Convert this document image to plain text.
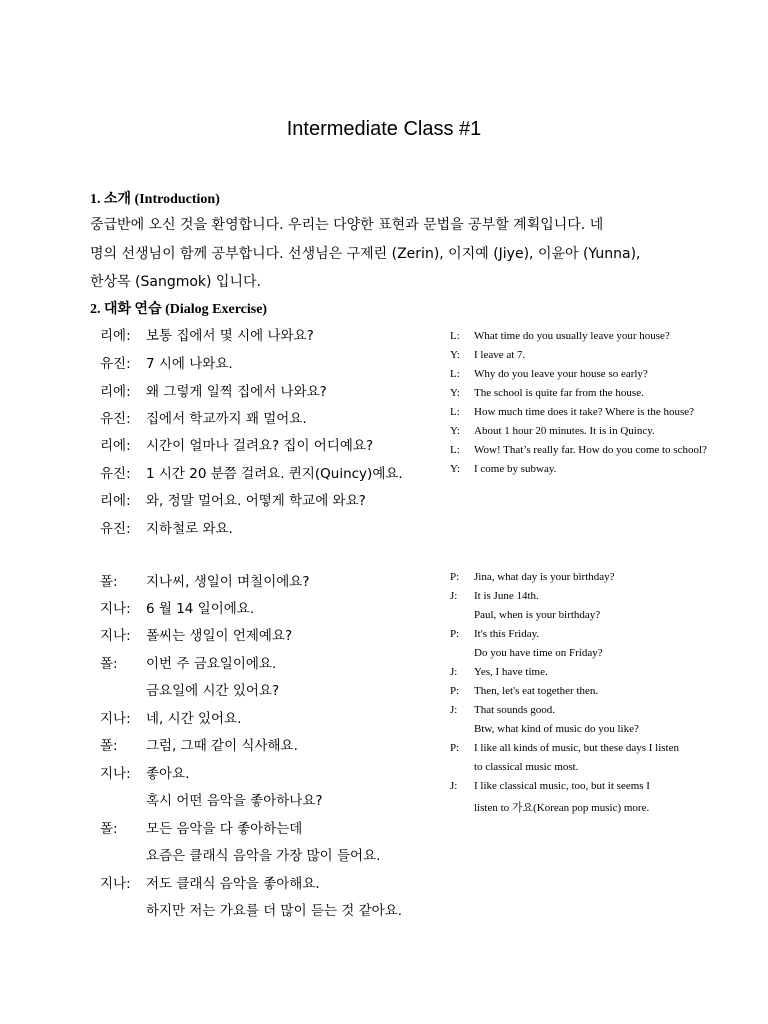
Intermediate Class #1
1. 소개 (Introduction)
중급반에 오신 것을 환영합니다. 우리는 다양한 표현과 문법을 공부할 계획입니다. 네
명의 선생님이 함께 공부합니다. 선생님은 구제린 (Zerin), 이지예 (Jiye), 이윤아 (Yunna),
한상목 (Sangmok) 입니다.
2. 대화 연습 (Dialog Exercise)
리에: 보통 집에서 몇 시에 나와요?
유진: 7 시에 나와요.
리에: 왜 그렇게 일찍 집에서 나와요?
유진: 집에서 학교까지 꽤 멀어요.
리에: 시간이 얼마나 걸려요? 집이 어디예요?
유진: 1 시간 20 분쯤 걸려요. 퀸지(Quincy)예요.
리에: 와, 정말 멀어요. 어떻게 학교에 와요?
유진: 지하철로 와요.
L: What time do you usually leave your house?
Y: I leave at 7.
L: Why do you leave your house so early?
Y: The school is quite far from the house.
L: How much time does it take? Where is the house?
Y: About 1 hour 20 minutes. It is in Quincy.
L: Wow! That’s really far. How do you come to school?
Y: I come by subway.
폴: 지나씨, 생일이 며칠이에요?
지나: 6 월 14 일이에요.
지나: 폴씨는 생일이 언제예요?
폴: 이번 주 금요일이에요.
금요일에 시간 있어요?
지나: 네, 시간 있어요.
폴: 그럼, 그때 같이 식사해요.
지나: 좋아요.
혹시 어떤 음악을 좋아하나요?
폴: 모든 음악을 다 좋아하는데
요즘은 클래식 음악을 가장 많이 들어요.
지나: 저도 클래식 음악을 좋아해요.
하지만 저는 가요를 더 많이 듣는 것 같아요.
P: Jina, what day is your birthday?
J: It is June 14th.
Paul, when is your birthday?
P: It's this Friday.
Do you have time on Friday?
J: Yes, I have time.
P: Then, let's eat together then.
J: That sounds good.
Btw, what kind of music do you like?
P: I like all kinds of music, but these days I listen
to classical music most.
J: I like classical music, too, but it seems I
listen to 가요(Korean pop music) more.
